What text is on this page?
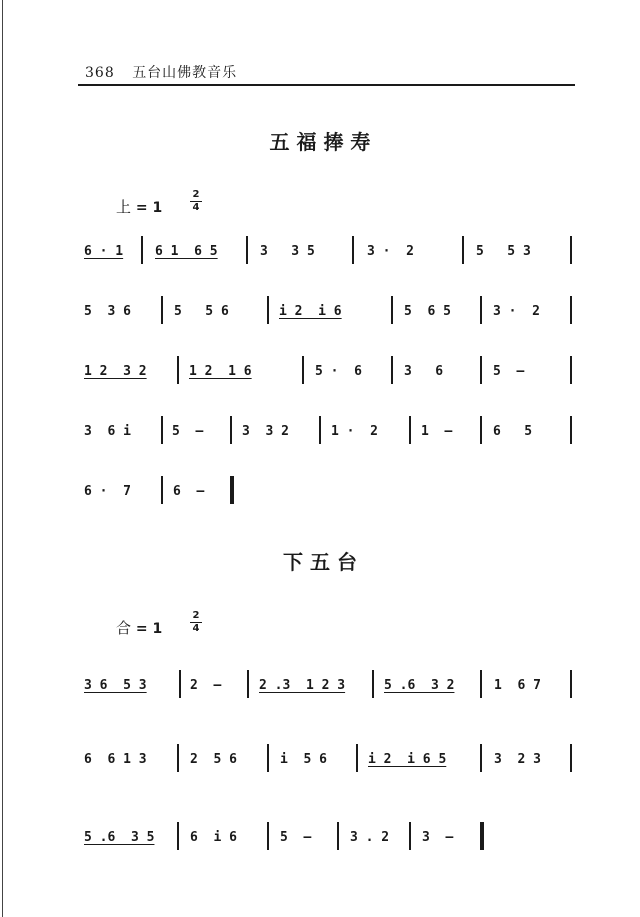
368 五台山佛教音乐
五 福 捧 寿
上 = 1
2
4
6 · 1 6 1  6 5	3   3 5	3 ·  2	5   5 3
5  3 6	5   5 6	i 2  i 6	5  6 5	3 ·  2
1 2  3 2	1 2  1 6	5 ·  6	3   6	5  —
3  6 i	5  —	3  3 2	1 ·  2	1  —	6   5
6 ·  7	6  —
下 五 台
合 = 1
2
4
3 6  5 3	2  —	2 .3  1 2 3	5 .6  3 2	1  6 7
6  6 1 3	2  5 6	i  5 6	i 2  i 6 5	3  2 3
5 .6  3 5	6  i 6	5  —	3 . 2	3  —
